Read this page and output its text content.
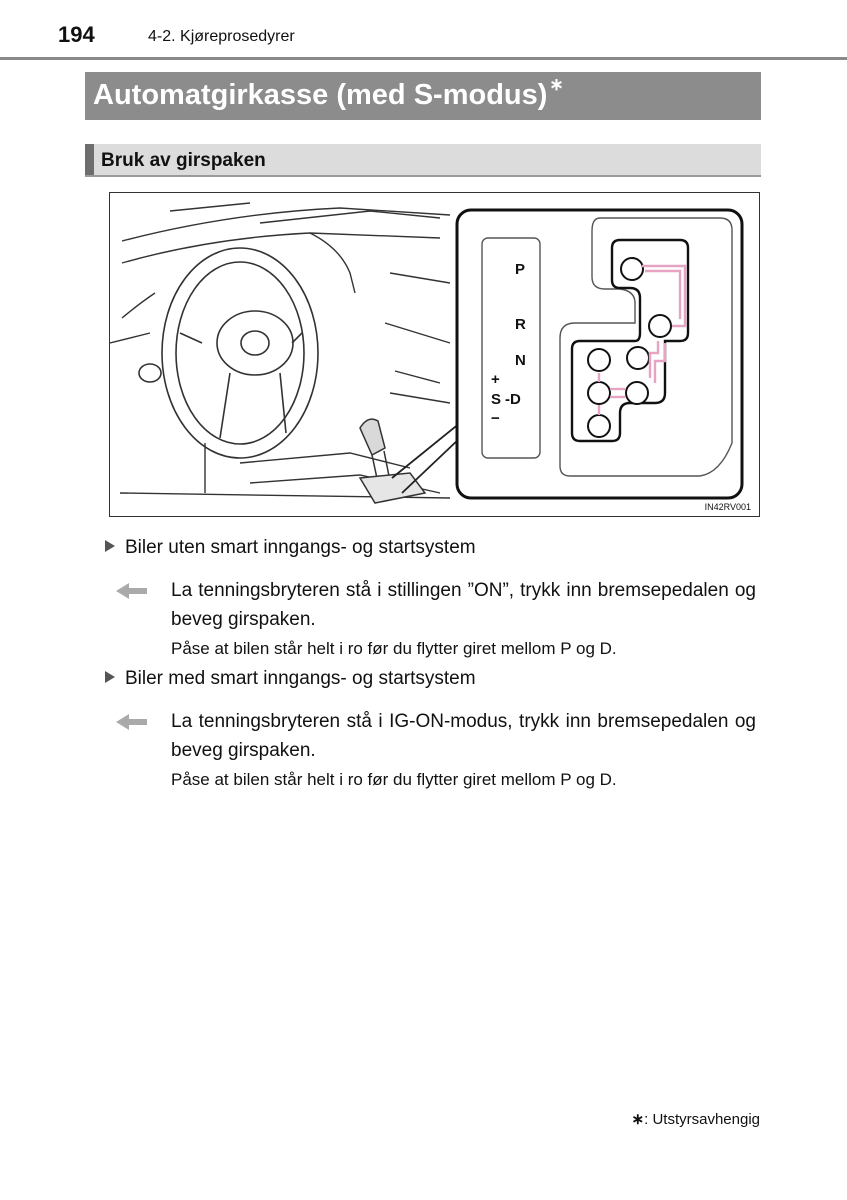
194	4-2. Kjøreprosedyrer
Automatgirkasse (med S-modus) ∗
Bruk av girspaken
P
R
N
+
S -D
−
IN42RV001
Biler uten smart inngangs- og startsystem
La tenningsbryteren stå i stillingen ”ON”, trykk inn bremsepedalen og beveg girspaken.
Påse at bilen står helt i ro før du flytter giret mellom P og D.
Biler med smart inngangs- og startsystem
La tenningsbryteren stå i IG-ON-modus, trykk inn bremsepedalen og beveg girspaken.
Påse at bilen står helt i ro før du flytter giret mellom P og D.
∗: Utstyrsavhengig
